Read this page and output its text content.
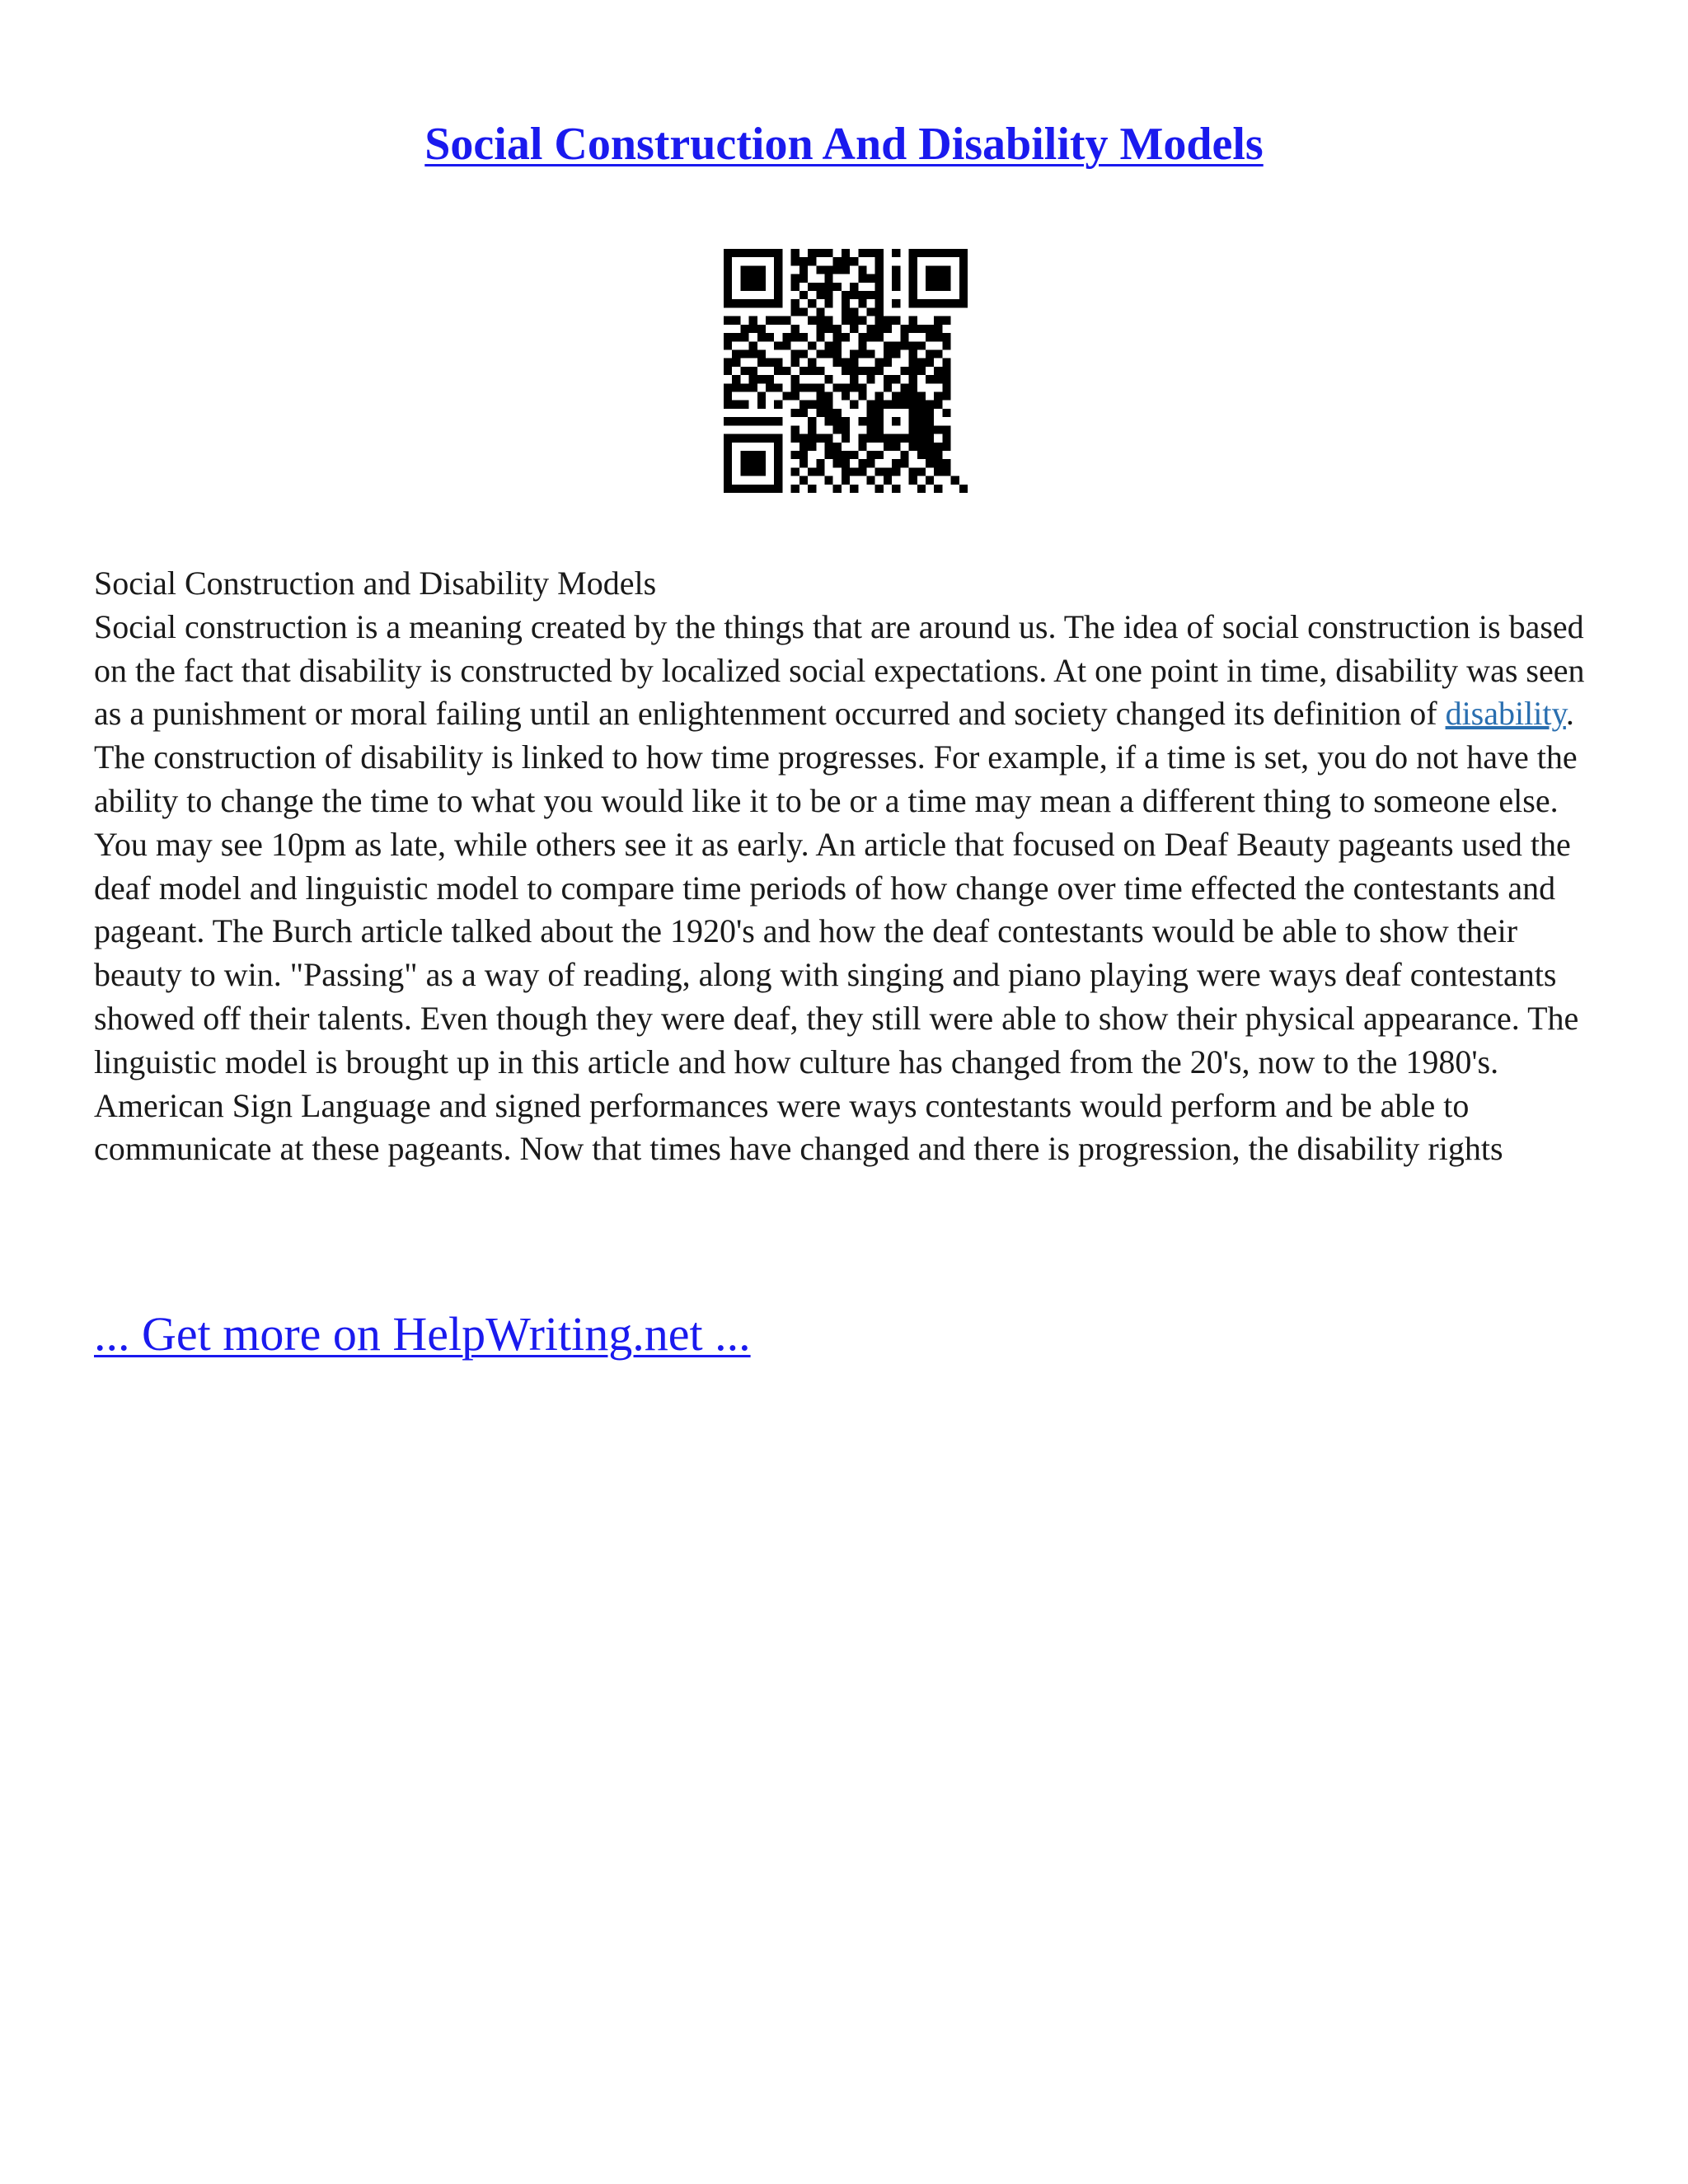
Social Construction And Disability Models

Social Construction and Disability Models
Social construction is a meaning created by the things that are around us. The idea of social construction is based on the fact that disability is constructed by localized social expectations. At one point in time, disability was seen as a punishment or moral failing until an enlightenment occurred and society changed its definition of disability. The construction of disability is linked to how time progresses. For example, if a time is set, you do not have the ability to change the time to what you would like it to be or a time may mean a different thing to someone else. You may see 10pm as late, while others see it as early. An article that focused on Deaf Beauty pageants used the deaf model and linguistic model to compare time periods of how change over time effected the contestants and pageant. The Burch article talked about the 1920's and how the deaf contestants would be able to show their beauty to win. "Passing" as a way of reading, along with singing and piano playing were ways deaf contestants showed off their talents. Even though they were deaf, they still were able to show their physical appearance. The linguistic model is brought up in this article and how culture has changed from the 20's, now to the 1980's. American Sign Language and signed performances were ways contestants would perform and be able to communicate at these pageants. Now that times have changed and there is progression, the disability rights

... Get more on HelpWriting.net ...
